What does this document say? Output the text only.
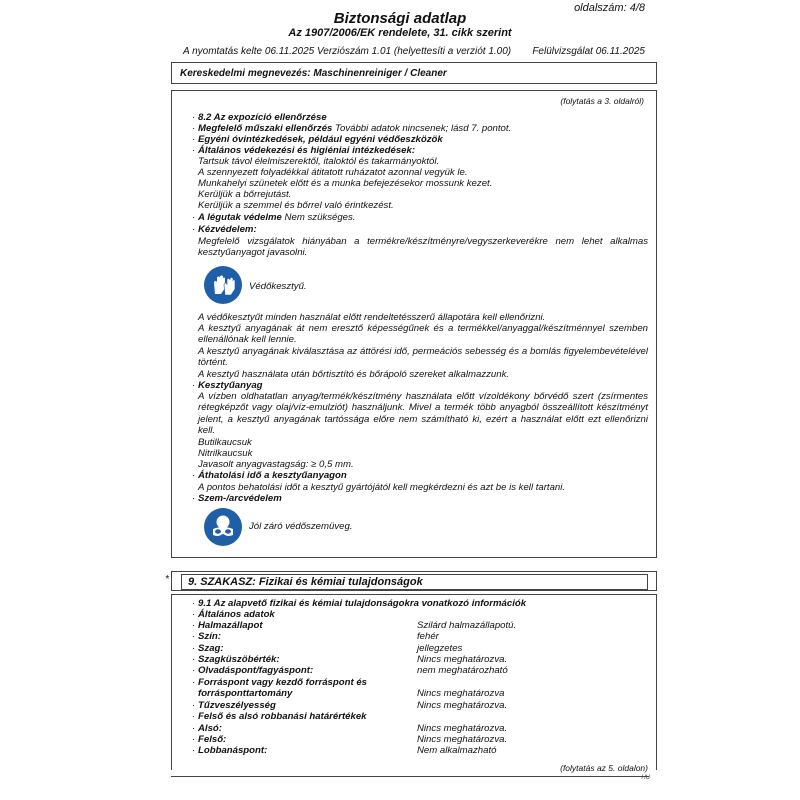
oldalszám: 4/8
Biztonsági adatlap
Az 1907/2006/EK rendelete, 31. cikk szerint
A nyomtatás kelte 06.11.2025 Verziószám 1.01 (helyettesíti a verziót 1.00) Felülvizsgálat 06.11.2025
Kereskedelmi megnevezés: Maschinenreiniger / Cleaner
(folytatás a 3. oldalról)
· 8.2 Az expozíció ellenőrzése
· Megfelelő műszaki ellenőrzés További adatok nincsenek; lásd 7. pontot.
· Egyéni óvintézkedések, például egyéni védőeszközök
· Általános védekezési és higiéniai intézkedések:
Tartsuk távol élelmiszerektől, italoktól és takarmányoktól.
A szennyezett folyadékkal átitatott ruházatot azonnal vegyük le.
Munkahelyi szünetek előtt és a munka befejezésekor mossunk kezet.
Kerüljük a bőrrejutást.
Kerüljük a szemmel és bőrrel való érintkezést.
· A légutak védelme Nem szükséges.
· Kézvédelem:
Megfelelő vizsgálatok hiányában a termékre/készítményre/vegyszerkeverékre nem lehet alkalmas kesztyűanyagot javasolni.
Védőkesztyű.
A védőkesztyűt minden használat előtt rendeltetésszerű állapotára kell ellenőrizni.
A kesztyű anyagának át nem eresztő képességűnek és a termékkel/anyaggal/készítménnyel szemben ellenállónak kell lennie.
A kesztyű anyagának kiválasztása az áttörési idő, permeációs sebesség és a bomlás figyelembevételével történt.
A kesztyű használata után bőrtisztító és bőrápoló szereket alkalmazzunk.
· Kesztyűanyag
A vízben oldhatatlan anyag/termék/készítmény használata előtt vízoldékony bőrvédő szert (zsírmentes rétegképzőt vagy olaj/víz-emulziót) használjunk. Mivel a termék több anyagból összeállított készítményt jelent, a kesztyű anyagának tartóssága előre nem számítható ki, ezért a használat előtt ezt ellenőrizni kell.
Butilkaucsuk
Nitrilkaucsuk
Javasolt anyagvastagság: ≥ 0,5 mm.
· Áthatolási idő a kesztyűanyagon
A pontos behatolási időt a kesztyű gyártójától kell megkérdezni és azt be is kell tartani.
· Szem-/arcvédelem
Jól záró védőszemüveg.
*	9. SZAKASZ: Fizikai és kémiai tulajdonságok
· 9.1 Az alapvető fizikai és kémiai tulajdonságokra vonatkozó információk
· Általános adatok
· Halmazállapot	Szilárd halmazállapotú.
· Szín:	fehér
· Szag:	jellegzetes
· Szagküszöbérték:	Nincs meghatározva.
· Olvadáspont/fagyáspont:	nem meghatározható
· Forráspont vagy kezdő forráspont és
forrásponttartomány	Nincs meghatározva
· Tűzveszélyesség	Nincs meghatározva.
· Felső és alsó robbanási határértékek
· Alsó:	Nincs meghatározva.
· Felső:	Nincs meghatározva.
· Lobbanáspont:	Nem alkalmazható
(folytatás az 5. oldalon)
HU
